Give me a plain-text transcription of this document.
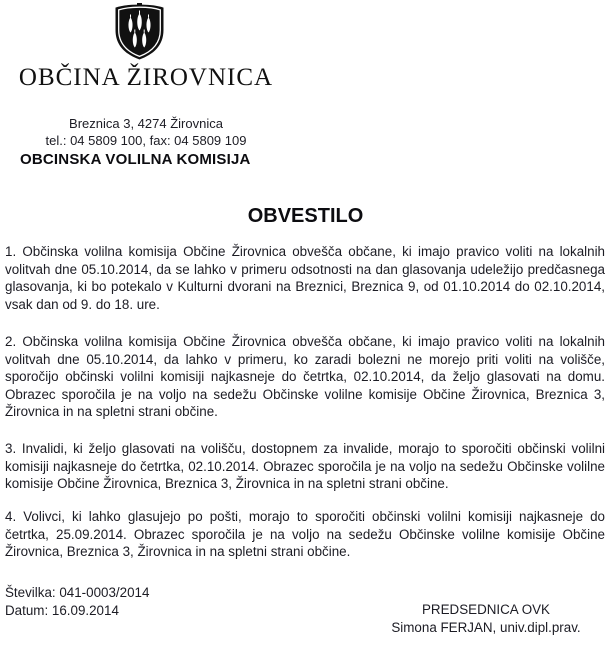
OBČINA ŽIROVNICA
Breznica 3, 4274 Žirovnica
tel.: 04 5809 100, fax: 04 5809 109
OBCINSKA VOLILNA KOMISIJA
OBVESTILO
1. Občinska volilna komisija Občine Žirovnica obvešča občane, ki imajo pravico voliti na lokalnih volitvah dne 05.10.2014, da se lahko v primeru odsotnosti na dan glasovanja udeležijo predčasnega glasovanja, ki bo potekalo v Kulturni dvorani na Breznici, Breznica 9, od 01.10.2014 do 02.10.2014, vsak dan od 9. do 18. ure.
2. Občinska volilna komisija Občine Žirovnica obvešča občane, ki imajo pravico voliti na lokalnih volitvah dne 05.10.2014, da lahko v primeru, ko zaradi bolezni ne morejo priti voliti na volišče, sporočijo občinski volilni komisiji najkasneje do četrtka, 02.10.2014, da željo glasovati na domu. Obrazec sporočila je na voljo na sedežu Občinske volilne komisije Občine Žirovnica, Breznica 3, Žirovnica in na spletni strani občine.
3. Invalidi, ki željo glasovati na volišču, dostopnem za invalide, morajo to sporočiti občinski volilni komisiji najkasneje do četrtka, 02.10.2014. Obrazec sporočila je na voljo na sedežu Občinske volilne komisije Občine Žirovnica, Breznica 3, Žirovnica in na spletni strani občine.
4. Volivci, ki lahko glasujejo po pošti, morajo to sporočiti občinski volilni komisiji najkasneje do četrtka, 25.09.2014. Obrazec sporočila je na voljo na sedežu Občinske volilne komisije Občine Žirovnica, Breznica 3, Žirovnica in na spletni strani občine.
Številka: 041-0003/2014
Datum: 16.09.2014	PREDSEDNICA OVK
Simona FERJAN, univ.dipl.prav.
